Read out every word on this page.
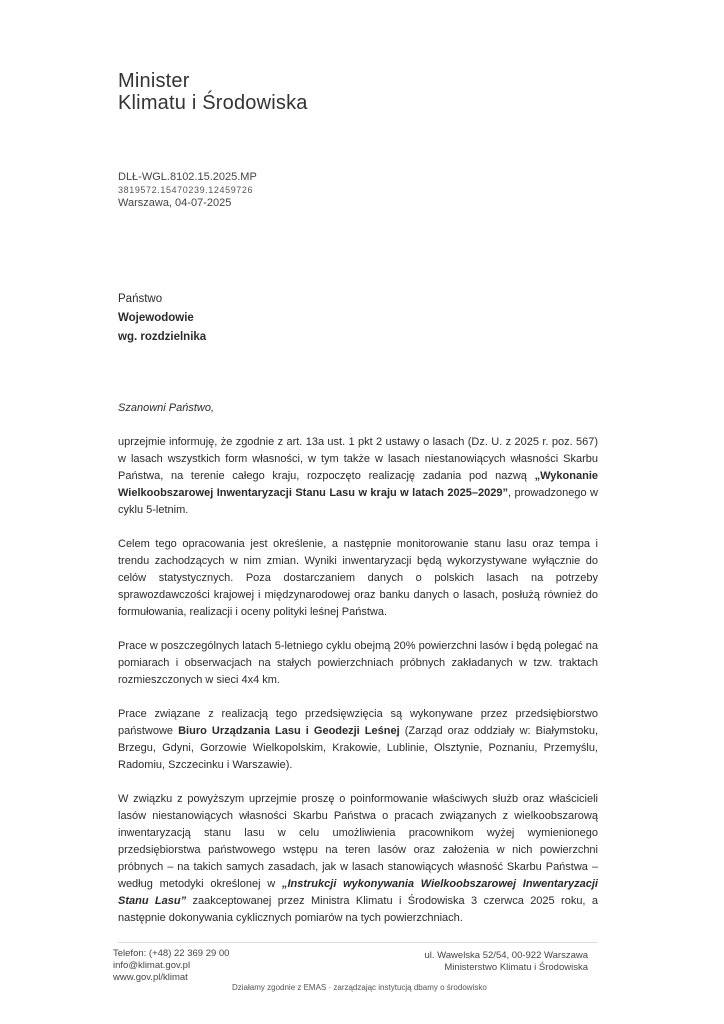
Minister
Klimatu i Środowiska
DLŁ-WGL.8102.15.2025.MP
3819572.15470239.12459726
Warszawa, 04-07-2025
Państwo
Wojewodowie
wg. rozdzielnika

Szanowni Państwo,

uprzejmie informuję, że zgodnie z art. 13a ust. 1 pkt 2 ustawy o lasach (Dz. U. z 2025 r. poz. 567) w lasach wszystkich form własności, w tym także w lasach niestanowiących własności Skarbu Państwa, na terenie całego kraju, rozpoczęto realizację zadania pod nazwą „Wykonanie Wielkoobszarowej Inwentaryzacji Stanu Lasu w kraju w latach 2025–2029”, prowadzonego w cyklu 5-letnim.

Celem tego opracowania jest określenie, a następnie monitorowanie stanu lasu oraz tempa i trendu zachodzących w nim zmian. Wyniki inwentaryzacji będą wykorzystywane wyłącznie do celów statystycznych. Poza dostarczaniem danych o polskich lasach na potrzeby sprawozdawczości krajowej i międzynarodowej oraz banku danych o lasach, posłużą również do formułowania, realizacji i oceny polityki leśnej Państwa.

Prace w poszczególnych latach 5-letniego cyklu obejmą 20% powierzchni lasów i będą polegać na pomiarach i obserwacjach na stałych powierzchniach próbnych zakładanych w tzw. traktach rozmieszczonych w sieci 4x4 km.

Prace związane z realizacją tego przedsięwzięcia są wykonywane przez przedsiębiorstwo państwowe Biuro Urządzania Lasu i Geodezji Leśnej (Zarząd oraz oddziały w: Białymstoku, Brzegu, Gdyni, Gorzowie Wielkopolskim, Krakowie, Lublinie, Olsztynie, Poznaniu, Przemyślu, Radomiu, Szczecinku i Warszawie).

W związku z powyższym uprzejmie proszę o poinformowanie właściwych służb oraz właścicieli lasów niestanowiących własności Skarbu Państwa o pracach związanych z wielkoobszarową inwentaryzacją stanu lasu w celu umożliwienia pracownikom wyżej wymienionego przedsiębiorstwa państwowego wstępu na teren lasów oraz założenia w nich powierzchni próbnych – na takich samych zasadach, jak w lasach stanowiących własność Skarbu Państwa – według metodyki określonej w „Instrukcji wykonywania Wielkoobszarowej Inwentaryzacji Stanu Lasu” zaakceptowanej przez Ministra Klimatu i Środowiska 3 czerwca 2025 roku, a następnie dokonywania cyklicznych pomiarów na tych powierzchniach.

Telefon: (+48) 22 369 29 00
info@klimat.gov.pl
www.gov.pl/klimat
ul. Wawelska 52/54, 00-922 Warszawa
Ministerstwo Klimatu i Środowiska
Działamy zgodnie z EMAS · zarządzając instytucją dbamy o środowisko
